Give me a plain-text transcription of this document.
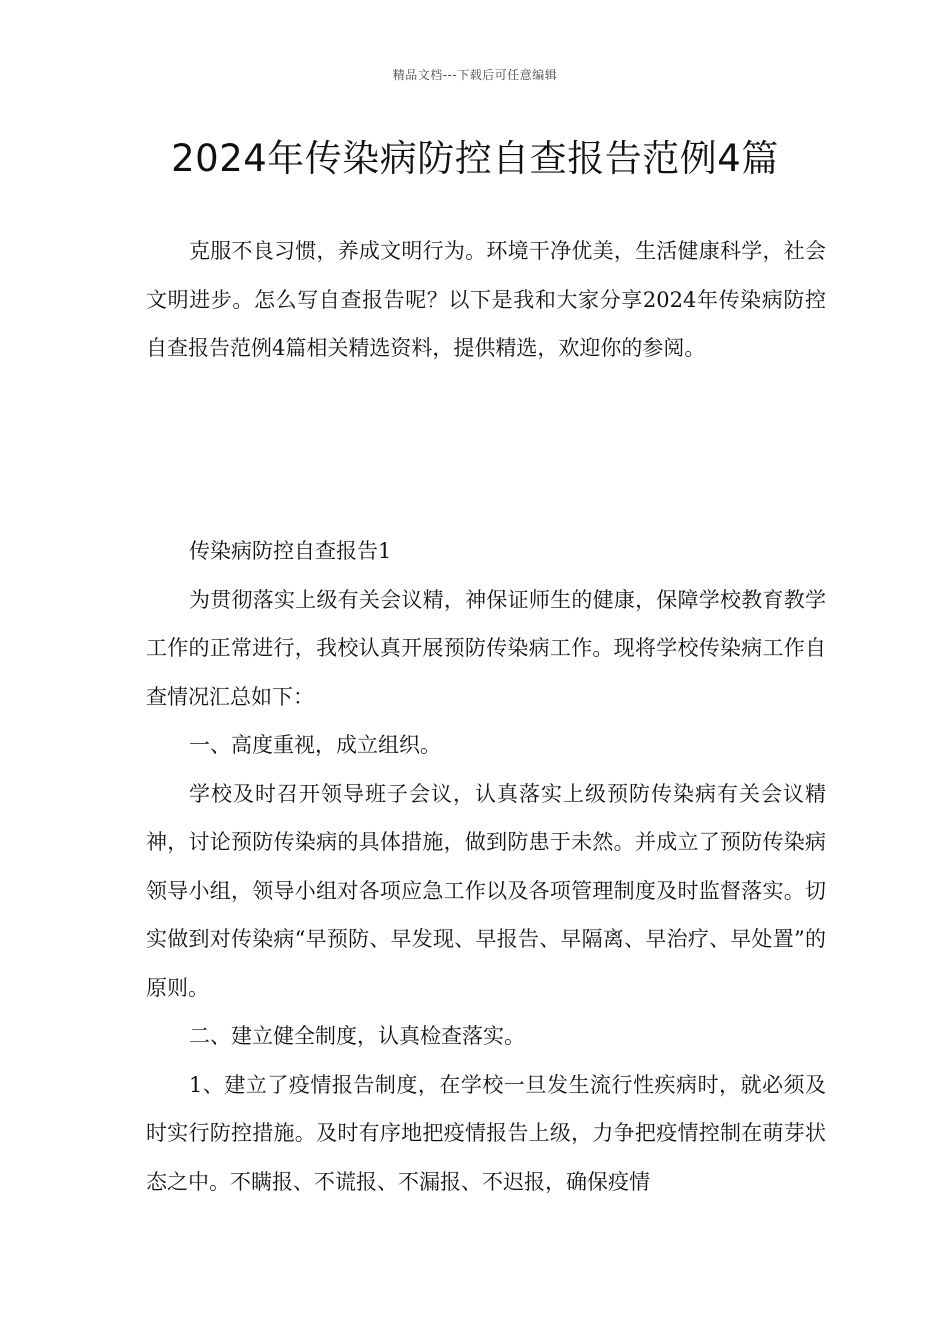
精品文档---下载后可任意编辑
2024年传染病防控自查报告范例4篇

克服不良习惯，养成文明行为。环境干净优美，生活健康科学，社会文明进步。怎么写自查报告呢？以下是我和大家分享2024年传染病防控自查报告范例4篇相关精选资料，提供精选，欢迎你的参阅。

传染病防控自查报告1

为贯彻落实上级有关会议精，神保证师生的健康，保障学校教育教学工作的正常进行，我校认真开展预防传染病工作。现将学校传染病工作自查情况汇总如下：

一、高度重视，成立组织。

学校及时召开领导班子会议，认真落实上级预防传染病有关会议精神，讨论预防传染病的具体措施，做到防患于未然。并成立了预防传染病领导小组，领导小组对各项应急工作以及各项管理制度及时监督落实。切实做到对传染病“早预防、早发现、早报告、早隔离、早治疗、早处置”的原则。

二、建立健全制度，认真检查落实。

1、建立了疫情报告制度，在学校一旦发生流行性疾病时，就必须及时实行防控措施。及时有序地把疫情报告上级，力争把疫情控制在萌芽状态之中。不瞒报、不谎报、不漏报、不迟报，确保疫情
